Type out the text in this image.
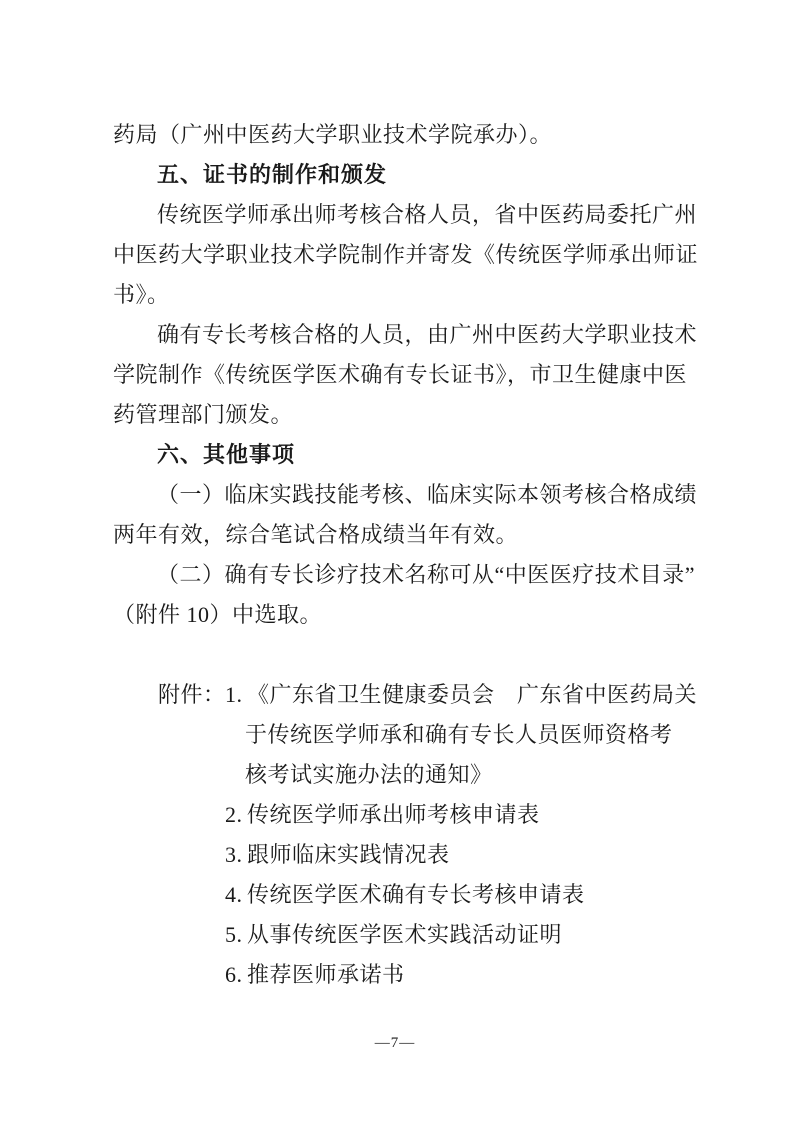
药局（广州中医药大学职业技术学院承办）。
五、证书的制作和颁发
传统医学师承出师考核合格人员，省中医药局委托广州
中医药大学职业技术学院制作并寄发《传统医学师承出师证
书》。
确有专长考核合格的人员，由广州中医药大学职业技术
学院制作《传统医学医术确有专长证书》，市卫生健康中医
药管理部门颁发。
六、其他事项
（一）临床实践技能考核、临床实际本领考核合格成绩
两年有效，综合笔试合格成绩当年有效。
（二）确有专长诊疗技术名称可从“中医医疗技术目录”
（附件 10）中选取。
附件：1. 《广东省卫生健康委员会　广东省中医药局关
于传统医学师承和确有专长人员医师资格考
核考试实施办法的通知》
2. 传统医学师承出师考核申请表
3. 跟师临床实践情况表
4. 传统医学医术确有专长考核申请表
5. 从事传统医学医术实践活动证明
6. 推荐医师承诺书
—7—
